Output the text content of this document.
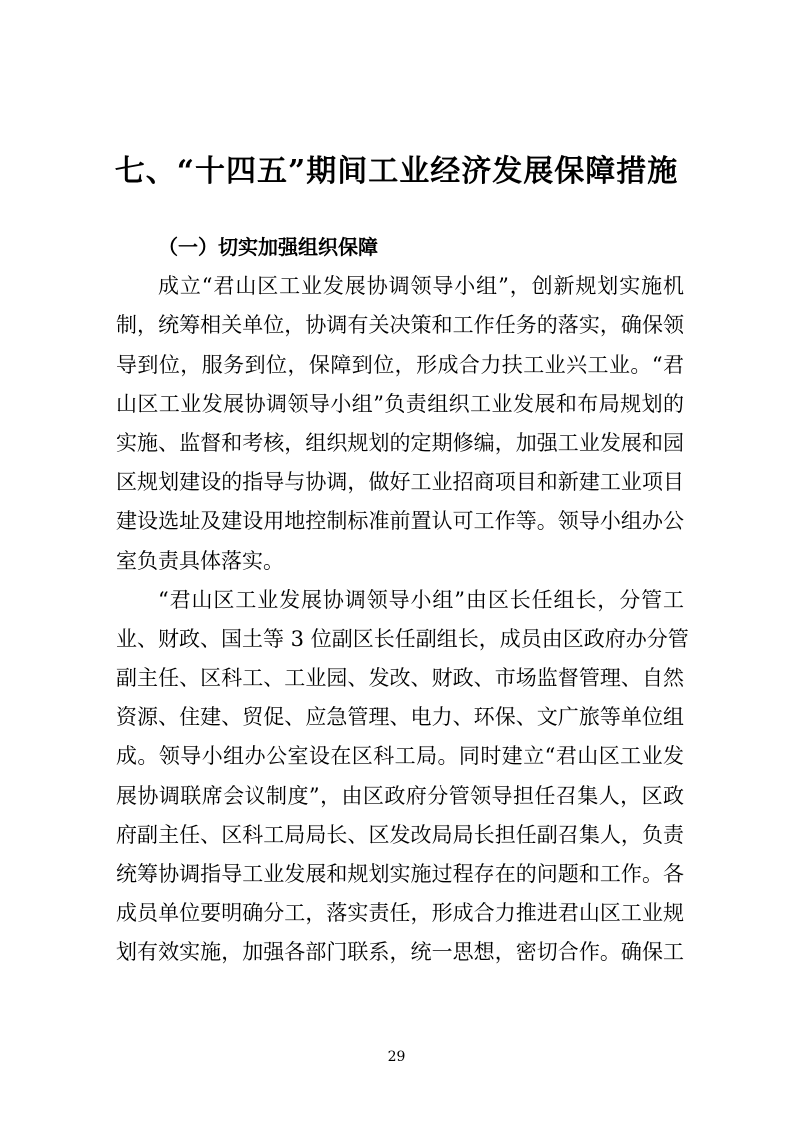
七、“十四五”期间工业经济发展保障措施
（一）切实加强组织保障
成立“君山区工业发展协调领导小组”，创新规划实施机
制，统筹相关单位，协调有关决策和工作任务的落实，确保领
导到位，服务到位，保障到位，形成合力扶工业兴工业。“君
山区工业发展协调领导小组”负责组织工业发展和布局规划的
实施、监督和考核，组织规划的定期修编，加强工业发展和园
区规划建设的指导与协调，做好工业招商项目和新建工业项目
建设选址及建设用地控制标准前置认可工作等。领导小组办公
室负责具体落实。
“君山区工业发展协调领导小组”由区长任组长，分管工
业、财政、国土等 3 位副区长任副组长，成员由区政府办分管
副主任、区科工、工业园、发改、财政、市场监督管理、自然
资源、住建、贸促、应急管理、电力、环保、文广旅等单位组
成。领导小组办公室设在区科工局。同时建立“君山区工业发
展协调联席会议制度”，由区政府分管领导担任召集人，区政
府副主任、区科工局局长、区发改局局长担任副召集人，负责
统筹协调指导工业发展和规划实施过程存在的问题和工作。各
成员单位要明确分工，落实责任，形成合力推进君山区工业规
划有效实施，加强各部门联系，统一思想，密切合作。确保工
29
